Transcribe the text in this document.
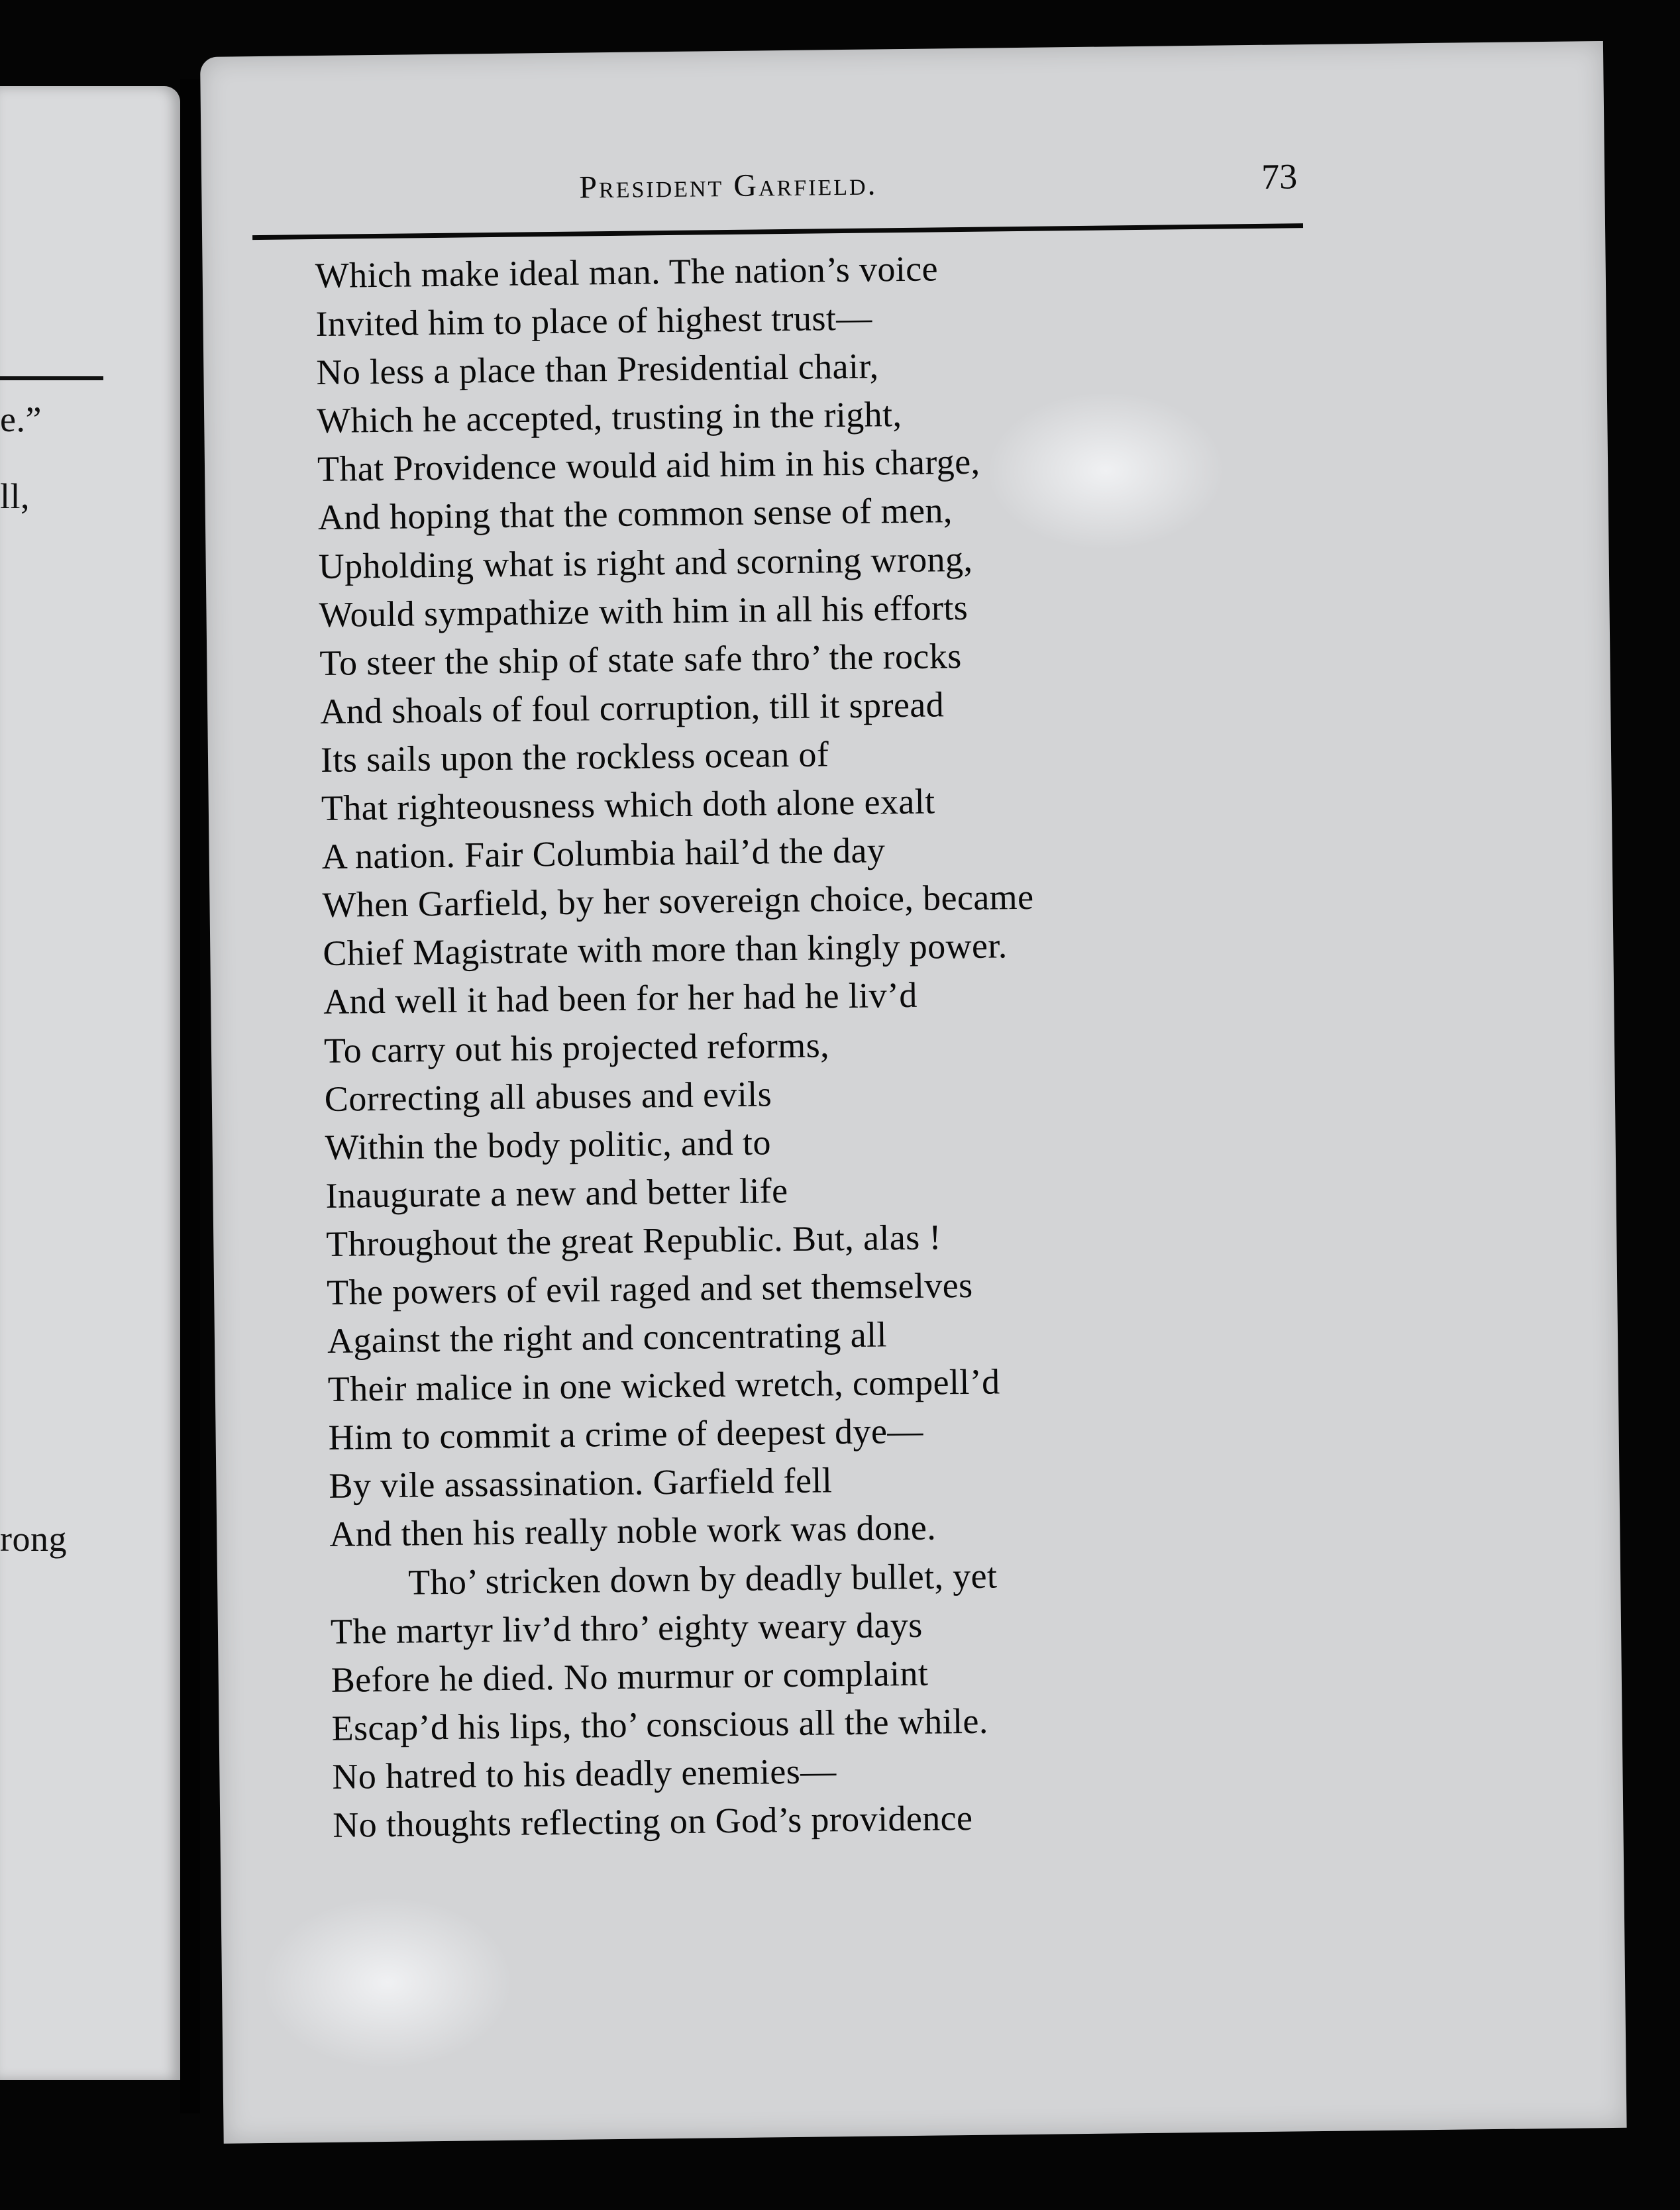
e.”
ll,
rong
President Garfield.	73
Which make ideal man. The nation’s voice
Invited him to place of highest trust—
No less a place than Presidential chair,
Which he accepted, trusting in the right,
That Providence would aid him in his charge,
And hoping that the common sense of men,
Upholding what is right and scorning wrong,
Would sympathize with him in all his efforts
To steer the ship of state safe thro’ the rocks
And shoals of foul corruption, till it spread
Its sails upon the rockless ocean of
That righteousness which doth alone exalt
A nation. Fair Columbia hail’d the day
When Garfield, by her sovereign choice, became
Chief Magistrate with more than kingly power.
And well it had been for her had he liv’d
To carry out his projected reforms,
Correcting all abuses and evils
Within the body politic, and to
Inaugurate a new and better life
Throughout the great Republic. But, alas !
The powers of evil raged and set themselves
Against the right and concentrating all
Their malice in one wicked wretch, compell’d
Him to commit a crime of deepest dye—
By vile assassination. Garfield fell
And then his really noble work was done.
Tho’ stricken down by deadly bullet, yet
The martyr liv’d thro’ eighty weary days
Before he died. No murmur or complaint
Escap’d his lips, tho’ conscious all the while.
No hatred to his deadly enemies—
No thoughts reflecting on God’s providence
